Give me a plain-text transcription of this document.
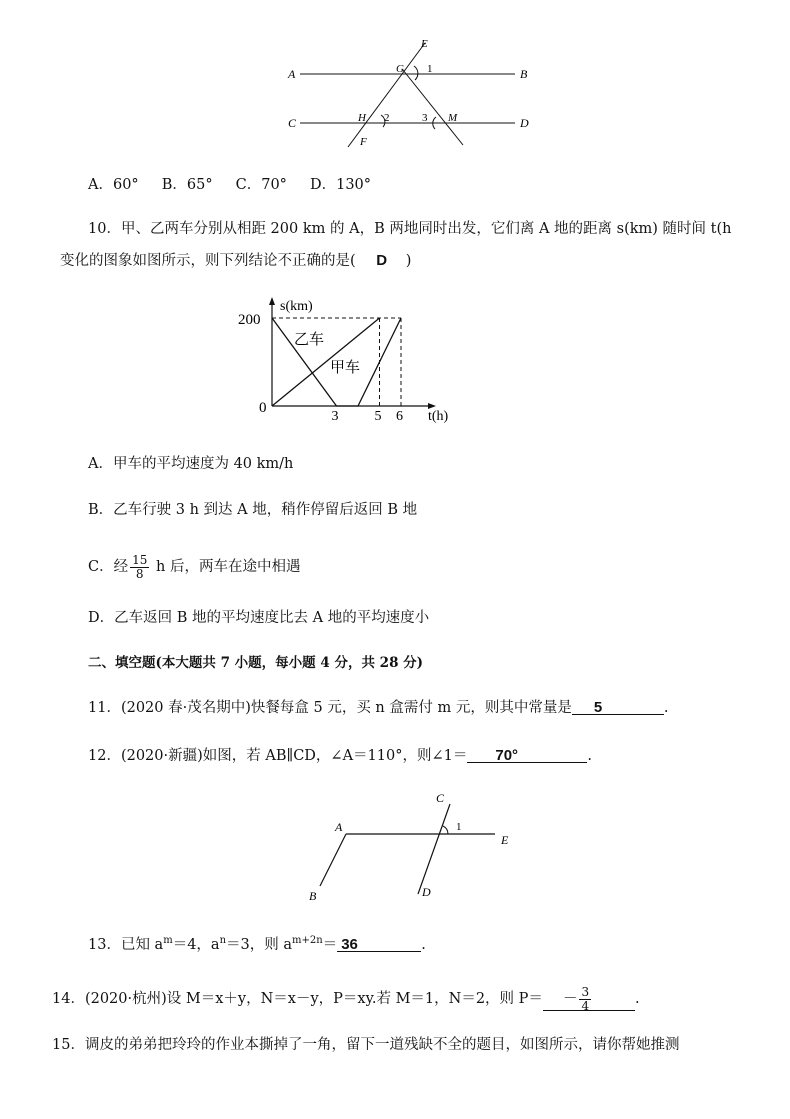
A	B
C	D
E
F
G
H	M
1
2	3
A．60° B．65° C．70° D．130°
10．甲、乙两车分别从相距 200 km 的 A，B 两地同时出发，它们离 A 地的距离 s(km) 随时间 t(h
变化的图象如图所示，则下列结论不正确的是( D )
s(km)
t(h)
200
0
3	5 6
乙车
甲车
A．甲车的平均速度为 40 km/h
B．乙车行驶 3 h 到达 A 地，稍作停留后返回 B 地
C．经 $\frac{15}{8}$ h 后，两车在途中相遇
D．乙车返回 B 地的平均速度比去 A 地的平均速度小
二、填空题(本大题共 7 小题，每小题 4 分，共 28 分)
11．(2020 春·茂名期中)快餐每盒 5 元，买 n 盒需付 m 元，则其中常量是 5	.
12．(2020·新疆)如图，若 AB∥CD，∠A＝110°，则∠1＝ 70°	.
A
B
C
D
E
1
13．已知 $a^m=4$，$a^n=3$，则 $a^{m+2n}= 36$	.
14．(2020·杭州)设 M＝x＋y，N＝x－y，P＝xy.若 M＝1，N＝2，则 $P= - \frac{3}{4}$	.
15．调皮的弟弟把玲玲的作业本撕掉了一角，留下一道残缺不全的题目，如图所示，请你帮她推测
